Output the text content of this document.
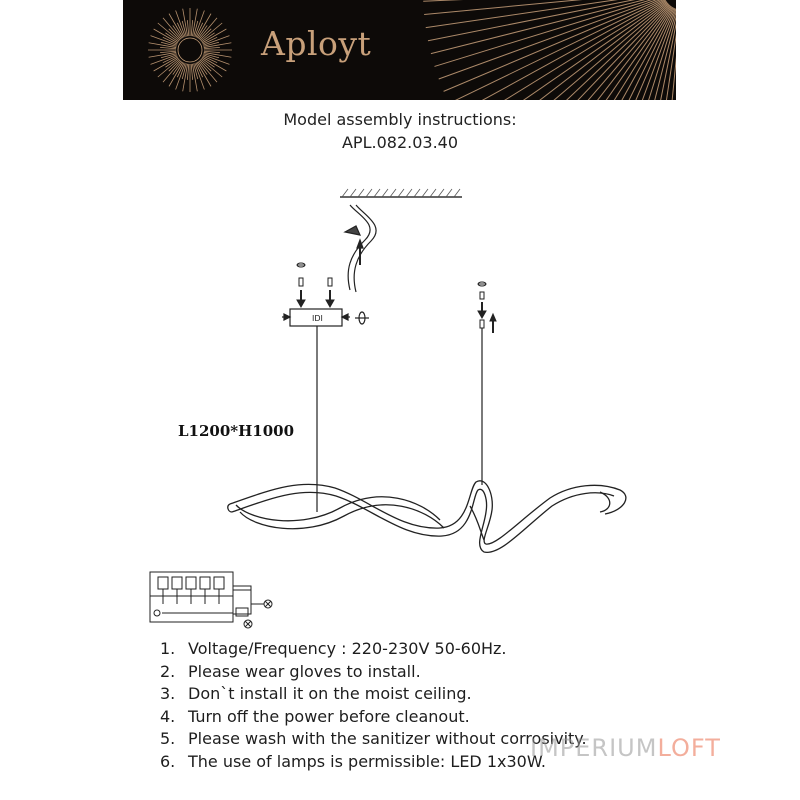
Aployt
Model assembly instructions:
APL.082.03.40
IDI
L1200*H1000
1. Voltage/Frequency : 220-230V 50-60Hz.
2. Please wear gloves to install.
3. Don`t install it on the moist ceiling.
4. Turn off the power before cleanout.
5. Please wash with the sanitizer without corrosivity.
6. The use of lamps is permissible: LED 1x30W.
IMPERIUMLOFT
